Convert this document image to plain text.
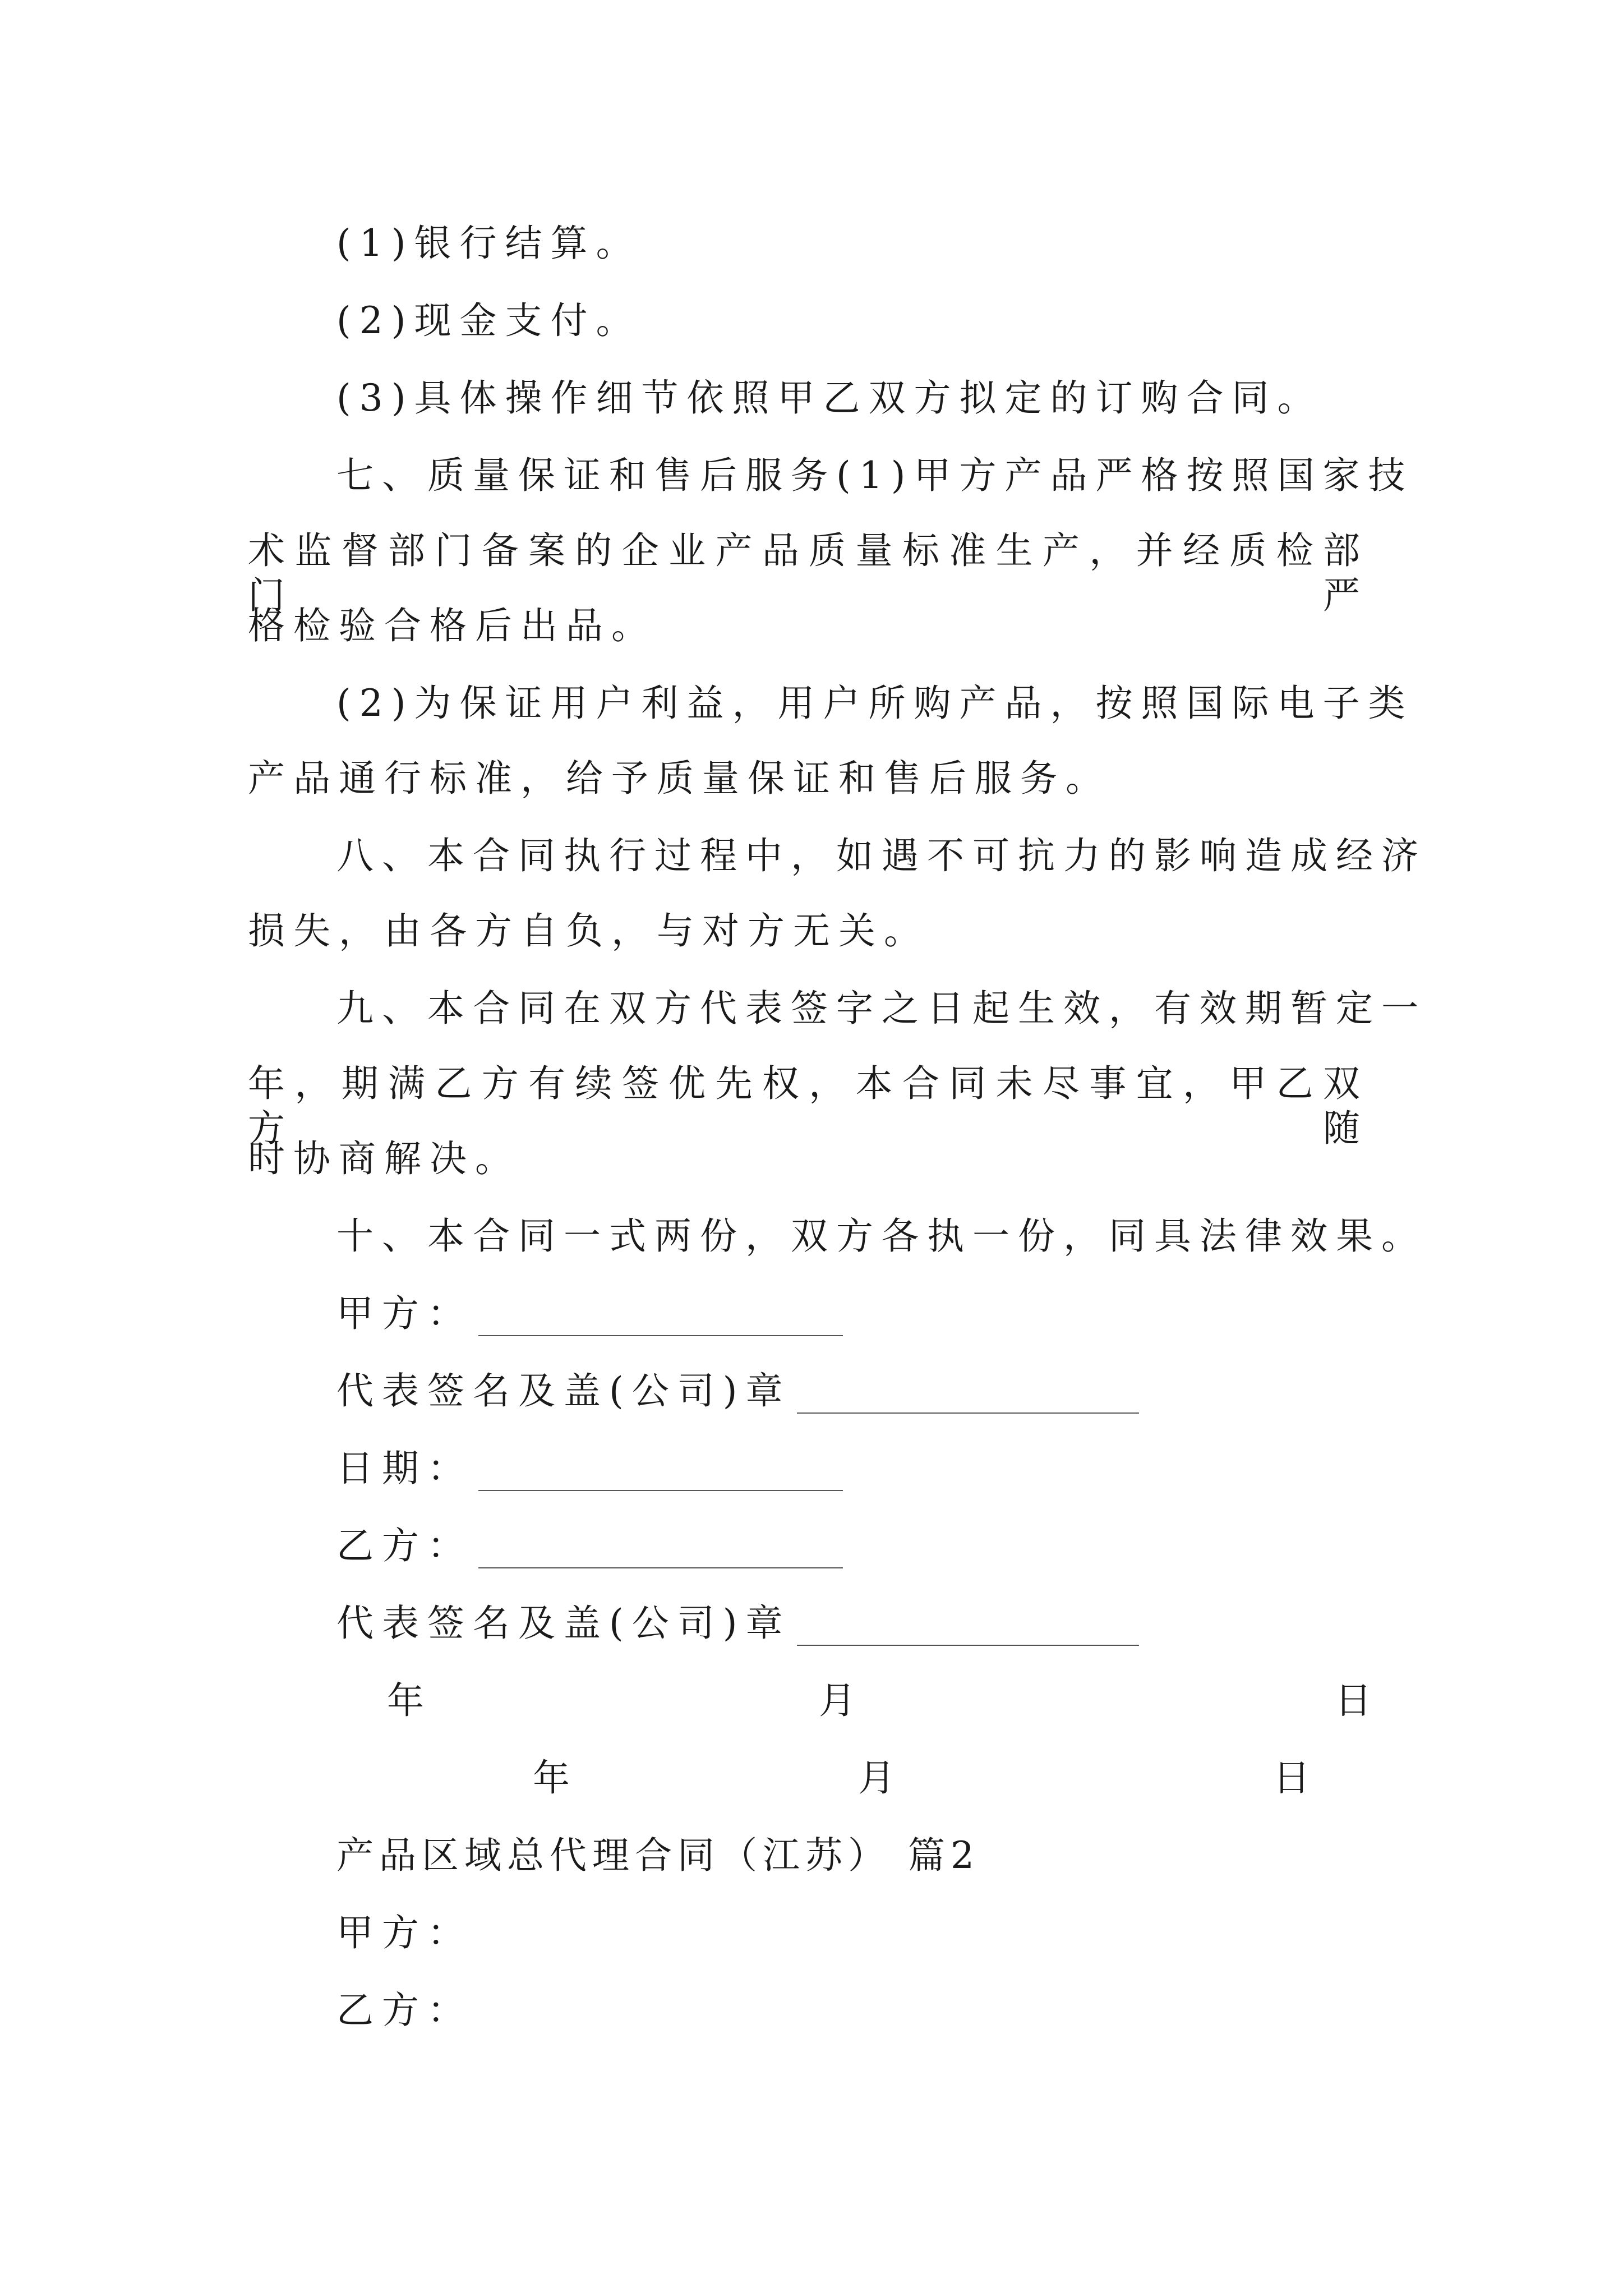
(1)银行结算。
(2)现金支付。
(3)具体操作细节依照甲乙双方拟定的订购合同。
七、质量保证和售后服务(1)甲方产品严格按照国家技
术监督部门备案的企业产品质量标准生产，并经质检部门严
格检验合格后出品。
(2)为保证用户利益，用户所购产品，按照国际电子类
产品通行标准，给予质量保证和售后服务。
八、本合同执行过程中，如遇不可抗力的影响造成经济
损失，由各方自负，与对方无关。
九、本合同在双方代表签字之日起生效，有效期暂定一
年，期满乙方有续签优先权，本合同未尽事宜，甲乙双方随
时协商解决。
十、本合同一式两份，双方各执一份，同具法律效果。
甲方：
代表签名及盖(公司)章
日期：
乙方：
代表签名及盖(公司)章
年	月	日
年	月	日
产品区域总代理合同（江苏） 篇2
甲方：
乙方：
